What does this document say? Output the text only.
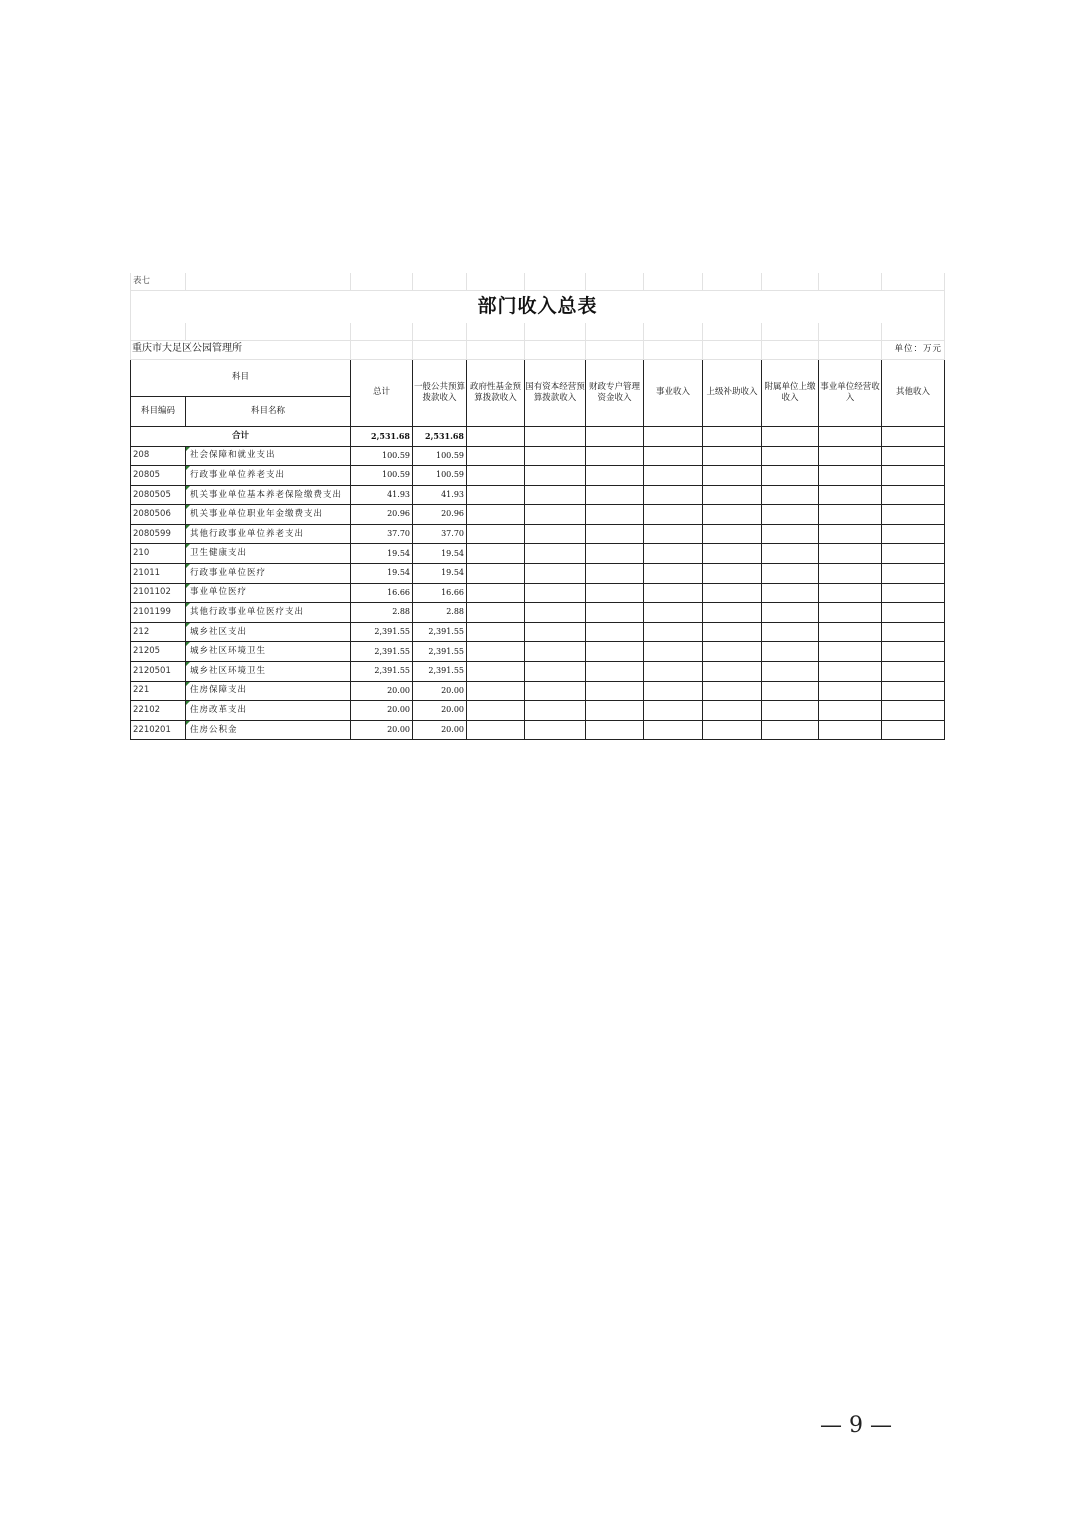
表七											
部门收入总表											

重庆市大足区公园管理所											单位：万元
科目		总计	一般公共预算拨款收入	政府性基金预算拨款收入	国有资本经营预算拨款收入	财政专户管理资金收入	事业收入	上级补助收入	附属单位上缴收入	事业单位经营收入	其他收入
科目编码	科目名称										
合计		2,531.68	2,531.68								
208	社会保障和就业支出	100.59	100.59								
20805	行政事业单位养老支出	100.59	100.59								
2080505	机关事业单位基本养老保险缴费支出	41.93	41.93								
2080506	机关事业单位职业年金缴费支出	20.96	20.96								
2080599	其他行政事业单位养老支出	37.70	37.70								
210	卫生健康支出	19.54	19.54								
21011	行政事业单位医疗	19.54	19.54								
2101102	事业单位医疗	16.66	16.66								
2101199	其他行政事业单位医疗支出	2.88	2.88								
212	城乡社区支出	2,391.55	2,391.55								
21205	城乡社区环境卫生	2,391.55	2,391.55								
2120501	城乡社区环境卫生	2,391.55	2,391.55								
221	住房保障支出	20.00	20.00								
22102	住房改革支出	20.00	20.00								
2210201	住房公积金	20.00	20.00								
— 9 —
